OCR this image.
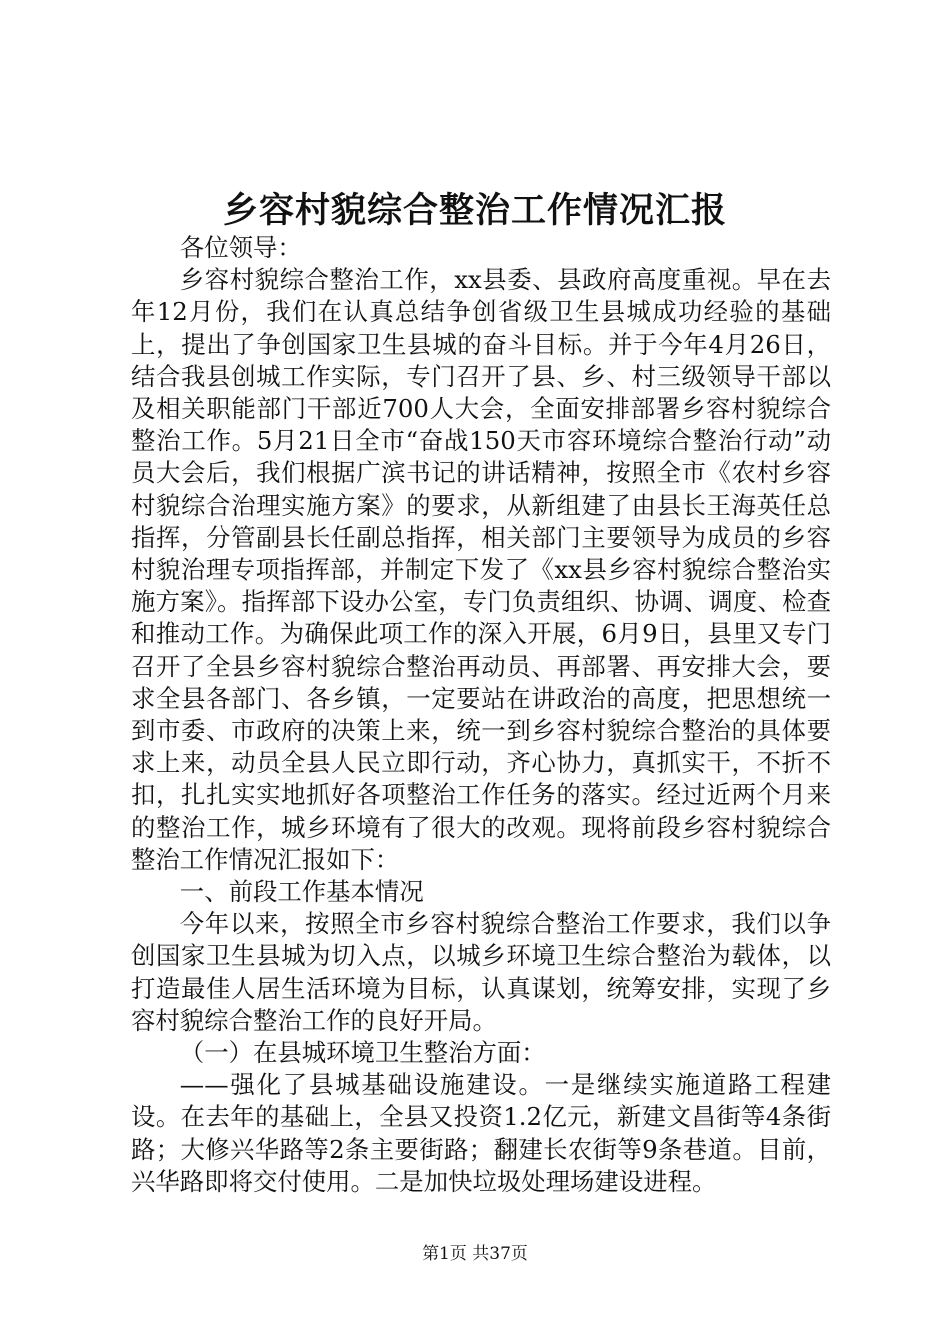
乡容村貌综合整治工作情况汇报

各位领导：

乡容村貌综合整治工作，xx县委、县政府高度重视。早在去年12月份，我们在认真总结争创省级卫生县城成功经验的基础上，提出了争创国家卫生县城的奋斗目标。并于今年4月26日，结合我县创城工作实际，专门召开了县、乡、村三级领导干部以及相关职能部门干部近700人大会，全面安排部署乡容村貌综合整治工作。5月21日全市“奋战150天市容环境综合整治行动”动员大会后，我们根据广滨书记的讲话精神，按照全市《农村乡容村貌综合治理实施方案》的要求，从新组建了由县长王海英任总指挥，分管副县长任副总指挥，相关部门主要领导为成员的乡容村貌治理专项指挥部，并制定下发了《xx县乡容村貌综合整治实施方案》。指挥部下设办公室，专门负责组织、协调、调度、检查和推动工作。为确保此项工作的深入开展，6月9日，县里又专门召开了全县乡容村貌综合整治再动员、再部署、再安排大会，要求全县各部门、各乡镇，一定要站在讲政治的高度，把思想统一到市委、市政府的决策上来，统一到乡容村貌综合整治的具体要求上来，动员全县人民立即行动，齐心协力，真抓实干，不折不扣，扎扎实实地抓好各项整治工作任务的落实。经过近两个月来的整治工作，城乡环境有了很大的改观。现将前段乡容村貌综合整治工作情况汇报如下：

一、前段工作基本情况

今年以来，按照全市乡容村貌综合整治工作要求，我们以争创国家卫生县城为切入点，以城乡环境卫生综合整治为载体，以打造最佳人居生活环境为目标，认真谋划，统筹安排，实现了乡容村貌综合整治工作的良好开局。

（一）在县城环境卫生整治方面：

——强化了县城基础设施建设。一是继续实施道路工程建设。在去年的基础上，全县又投资1.2亿元，新建文昌街等4条街路；大修兴华路等2条主要街路；翻建长农街等9条巷道。目前，兴华路即将交付使用。二是加快垃圾处理场建设进程。

第1页 共37页
